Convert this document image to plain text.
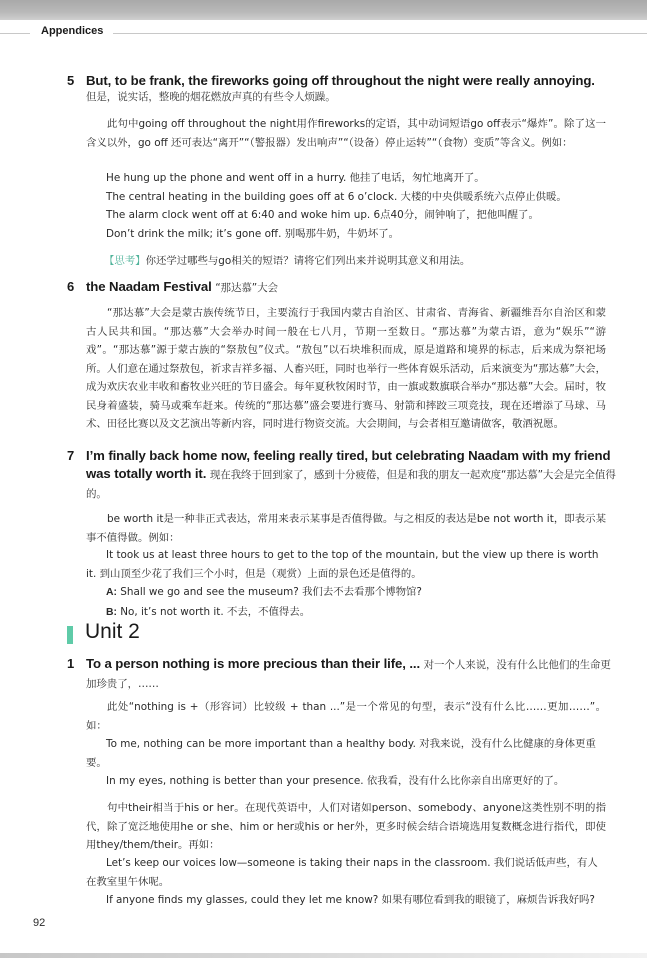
Appendices
5 But, to be frank, the fireworks going off throughout the night were really annoying.
但是，说实话，整晚的烟花燃放声真的有些令人烦躁。
此句中going off throughout the night用作fireworks的定语，其中动词短语go off表示“爆炸”。除了这一含义以外，go off 还可表达“离开”“（警报器）发出响声”“（设备）停止运转”“（食物）变质”等含义。例如：
He hung up the phone and went off in a hurry. 他挂了电话，匆忙地离开了。
The central heating in the building goes off at 6 o’clock. 大楼的中央供暖系统六点停止供暖。
The alarm clock went off at 6:40 and woke him up. 6点40分，闹钟响了，把他叫醒了。
Don’t drink the milk; it’s gone off. 别喝那牛奶，牛奶坏了。
【思考】你还学过哪些与go相关的短语？请将它们列出来并说明其意义和用法。
6 the Naadam Festival “那达慕”大会
“那达慕”大会是蒙古族传统节日，主要流行于我国内蒙古自治区、甘肃省、青海省、新疆维吾尔自治区和蒙古人民共和国。“那达慕”大会举办时间一般在七八月，节期一至数日。“那达慕”为蒙古语，意为“娱乐”“游戏”。“那达慕”源于蒙古族的“祭敖包”仪式。“敖包”以石块堆积而成，原是道路和境界的标志，后来成为祭祀场所。人们意在通过祭敖包，祈求吉祥多福、人畜兴旺，同时也举行一些体育娱乐活动，后来演变为“那达慕”大会，成为欢庆农业丰收和畜牧业兴旺的节日盛会。每年夏秋牧闲时节，由一旗或数旗联合举办“那达慕”大会。届时，牧民身着盛装，骑马或乘车赶来。传统的“那达慕”盛会要进行赛马、射箭和摔跤三项竞技，现在还增添了马球、马术、田径比赛以及文艺演出等新内容，同时进行物资交流。大会期间，与会者相互邀请做客，敬酒祝愿。
7 I’m finally back home now, feeling really tired, but celebrating Naadam with my friend was totally worth it. 现在我终于回到家了，感到十分疲倦，但是和我的朋友一起欢度“那达慕”大会是完全值得的。
be worth it是一种非正式表达，常用来表示某事是否值得做。与之相反的表达是be not worth it，即表示某事不值得做。例如：
It took us at least three hours to get to the top of the mountain, but the view up there is worth it. 到山顶至少花了我们三个小时，但是（观赏）上面的景色还是值得的。
A: Shall we go and see the museum? 我们去不去看那个博物馆?
B: No, it’s not worth it. 不去，不值得去。
Unit 2
1 To a person nothing is more precious than their life, ... 对一个人来说，没有什么比他们的生命更加珍贵了，……
此处“nothing is +（形容词）比较级 + than ...”是一个常见的句型，表示“没有什么比……更加……”。如：
To me, nothing can be more important than a healthy body. 对我来说，没有什么比健康的身体更重要。
In my eyes, nothing is better than your presence. 依我看，没有什么比你亲自出席更好的了。
句中their相当于his or her。在现代英语中，人们对诸如person、somebody、anyone这类性别不明的指代，除了宽泛地使用he or she、him or her或his or her外，更多时候会结合语境选用复数概念进行指代，即使用they/them/their。再如：
Let’s keep our voices low—someone is taking their naps in the classroom. 我们说话低声些，有人在教室里午休呢。
If anyone finds my glasses, could they let me know? 如果有哪位看到我的眼镜了，麻烦告诉我好吗?
92
